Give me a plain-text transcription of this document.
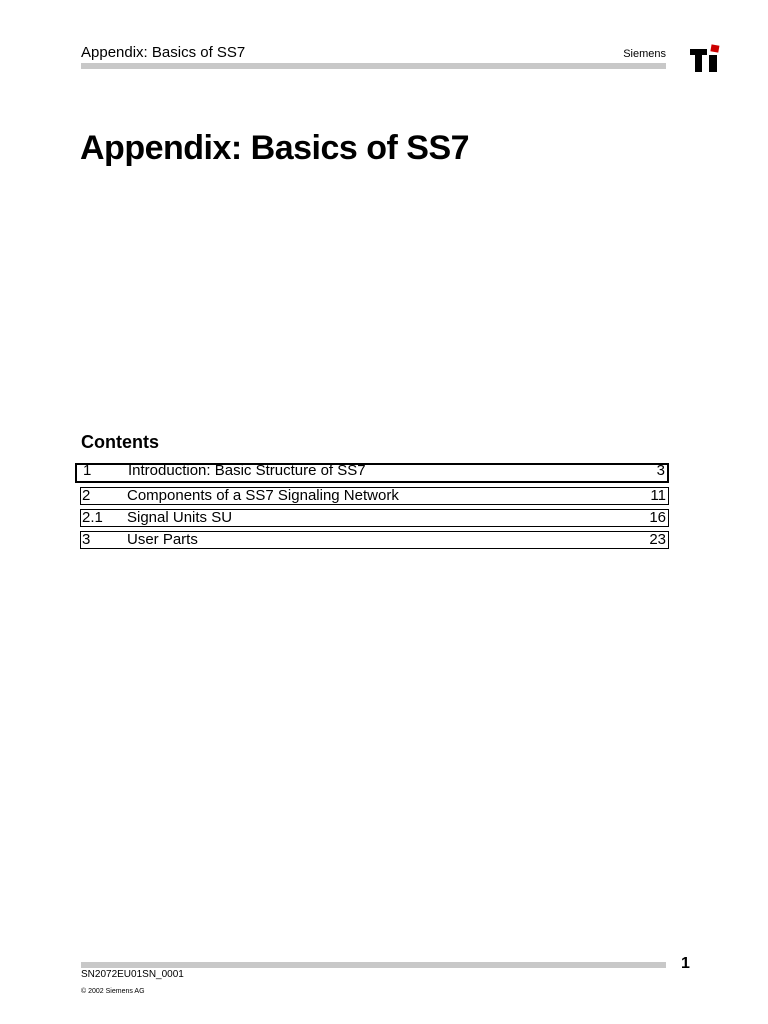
Appendix: Basics of SS7	Siemens
Appendix: Basics of SS7
Contents
1 Introduction: Basic Structure of SS7	3
2 Components of a SS7 Signaling Network	11
2.1 Signal Units SU	16
3 User Parts	23
1
SN2072EU01SN_0001
© 2002 Siemens AG
